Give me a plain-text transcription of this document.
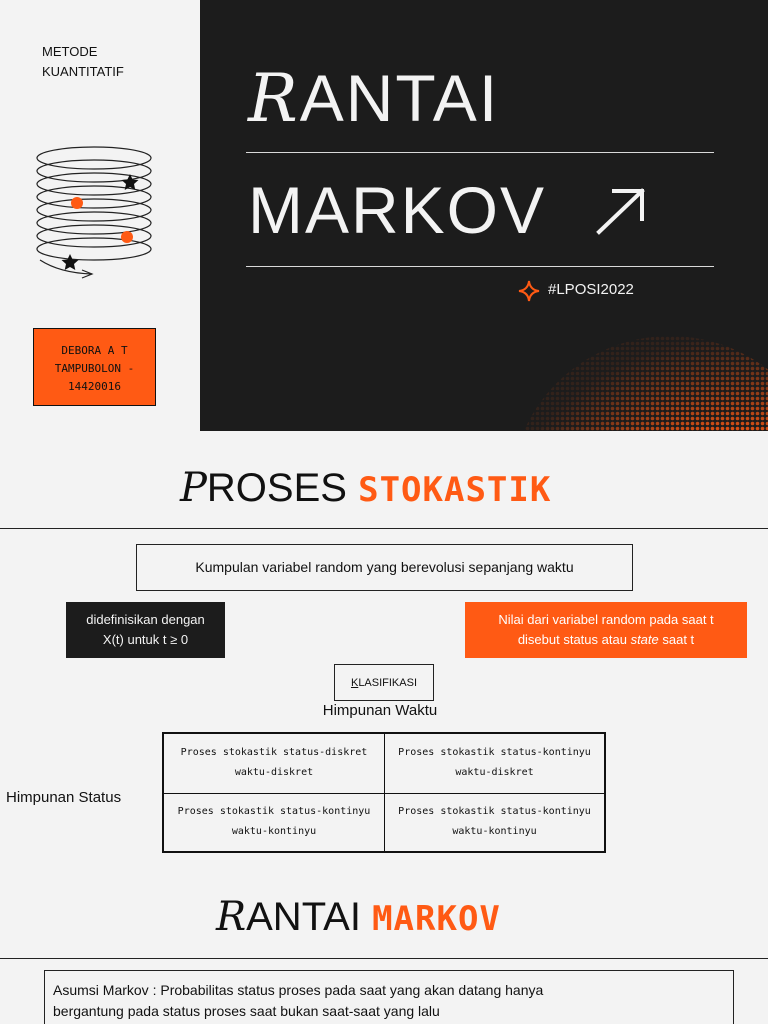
METODE
KUANTITATIF
DEBORA A T
TAMPUBOLON -
14420016
RANTAI
MARKOV
#LPOSI2022
PROSES STOKASTIK
Kumpulan variabel random yang berevolusi sepanjang waktu
didefinisikan dengan
X(t) untuk t ≥ 0
Nilai dari variabel random pada saat t
disebut status atau state saat t
KLASIFIKASI
Himpunan Waktu
Himpunan Status
Proses stokastik status-diskret
waktu-diskret
Proses stokastik status-kontinyu
waktu-diskret
Proses stokastik status-kontinyu
waktu-kontinyu
Proses stokastik status-kontinyu
waktu-kontinyu
RANTAI MARKOV
Asumsi Markov : Probabilitas status proses pada saat yang akan datang hanya
bergantung pada status proses saat bukan saat-saat yang lalu
